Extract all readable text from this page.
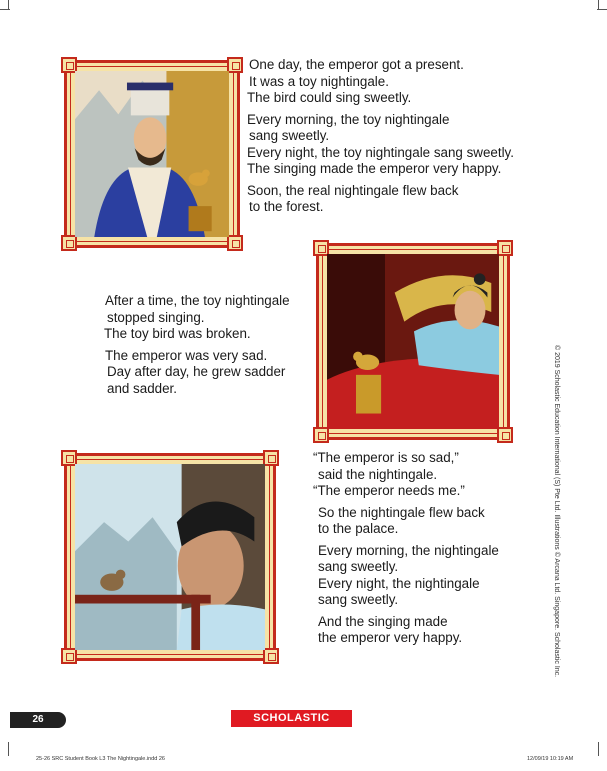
One day, the emperor got a present.
It was a toy nightingale.
The bird could sing sweetly.

Every morning, the toy nightingale
sang sweetly.
Every night, the toy nightingale sang sweetly.
The singing made the emperor very happy.

Soon, the real nightingale flew back
to the forest.

After a time, the toy nightingale
stopped singing.
The toy bird was broken.

The emperor was very sad.
Day after day, he grew sadder
and sadder.

“The emperor is so sad,”
said the nightingale.
“The emperor needs me.”

So the nightingale flew back
to the palace.

Every morning, the nightingale
sang sweetly.
Every night, the nightingale
sang sweetly.

And the singing made
the emperor very happy.	© 2019 Scholastic Education International (S) Pte Ltd. Illustrations © Arcana Ltd. Singapore. Scholastic Inc.
26	SCHOLASTIC
25-26 SRC Student Book L3 The Nightingale.indd 26	12/09/19 10:19 AM
